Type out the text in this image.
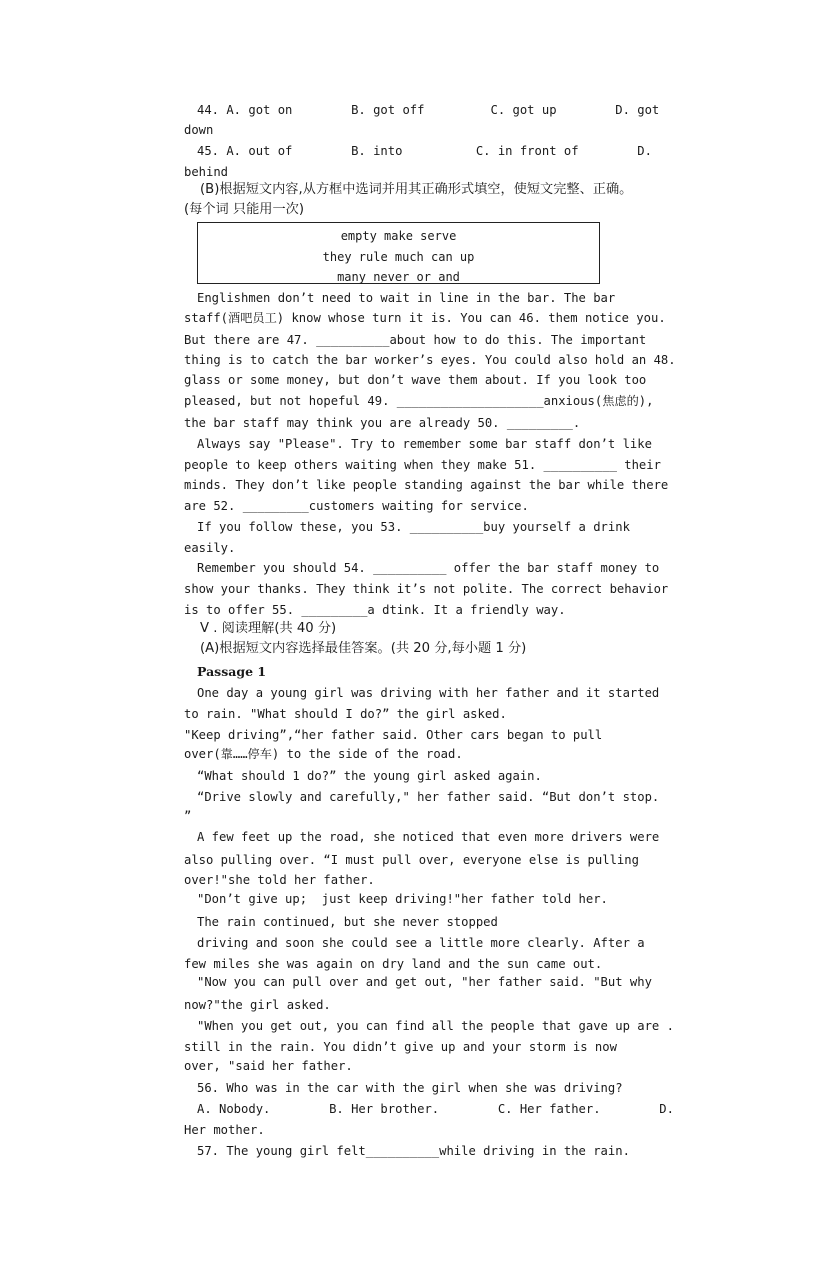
44. A. got on        B. got off         C. got up        D. got
down
45. A. out of        B. into          C. in front of        D.
behind
(B)根据短文内容,从方框中选词并用其正确形式填空，使短文完整、正确。
(每个词 只能用一次)
empty make serve
they rule much can up
many never or and
Englishmen don’t need to wait in line in the bar. The bar
staff(酒吧员工) know whose turn it is. You can 46. them notice you.
But there are 47. __________about how to do this. The important
thing is to catch the bar worker’s eyes. You could also hold an 48.
glass or some money, but don’t wave them about. If you look too
pleased, but not hopeful 49. ____________________anxious(焦虑的),
the bar staff may think you are already 50. _________.
Always say "Please". Try to remember some bar staff don’t like
people to keep others waiting when they make 51. __________ their
minds. They don’t like people standing against the bar while there
are 52. _________customers waiting for service.
If you follow these, you 53. __________buy yourself a drink
easily.
Remember you should 54. __________ offer the bar staff money to
show your thanks. They think it’s not polite. The correct behavior
is to offer 55. _________a dtink. It a friendly way.
V . 阅读理解(共 40 分)
(A)根据短文内容选择最佳答案。(共 20 分,每小题 1 分)
Passage 1
One day a young girl was driving with her father and it started
to rain. "What should I do?” the girl asked.
"Keep driving”,“her father said. Other cars began to pull
over(靠……停车) to the side of the road.
“What should 1 do?” the young girl asked again.
“Drive slowly and carefully," her father said. “But don’t stop.
”
A few feet up the road, she noticed that even more drivers were
also pulling over. “I must pull over, everyone else is pulling
over!"she told her father.
"Don’t give up;  just keep driving!"her father told her.
The rain continued, but she never stopped
driving and soon she could see a little more clearly. After a
few miles she was again on dry land and the sun came out.
"Now you can pull over and get out, "her father said. "But why
now?"the girl asked.
"When you get out, you can find all the people that gave up are .
still in the rain. You didn’t give up and your storm is now
over, "said her father.
56. Who was in the car with the girl when she was driving?
A. Nobody.        B. Her brother.        C. Her father.        D.
Her mother.
57. The young girl felt__________while driving in the rain.
